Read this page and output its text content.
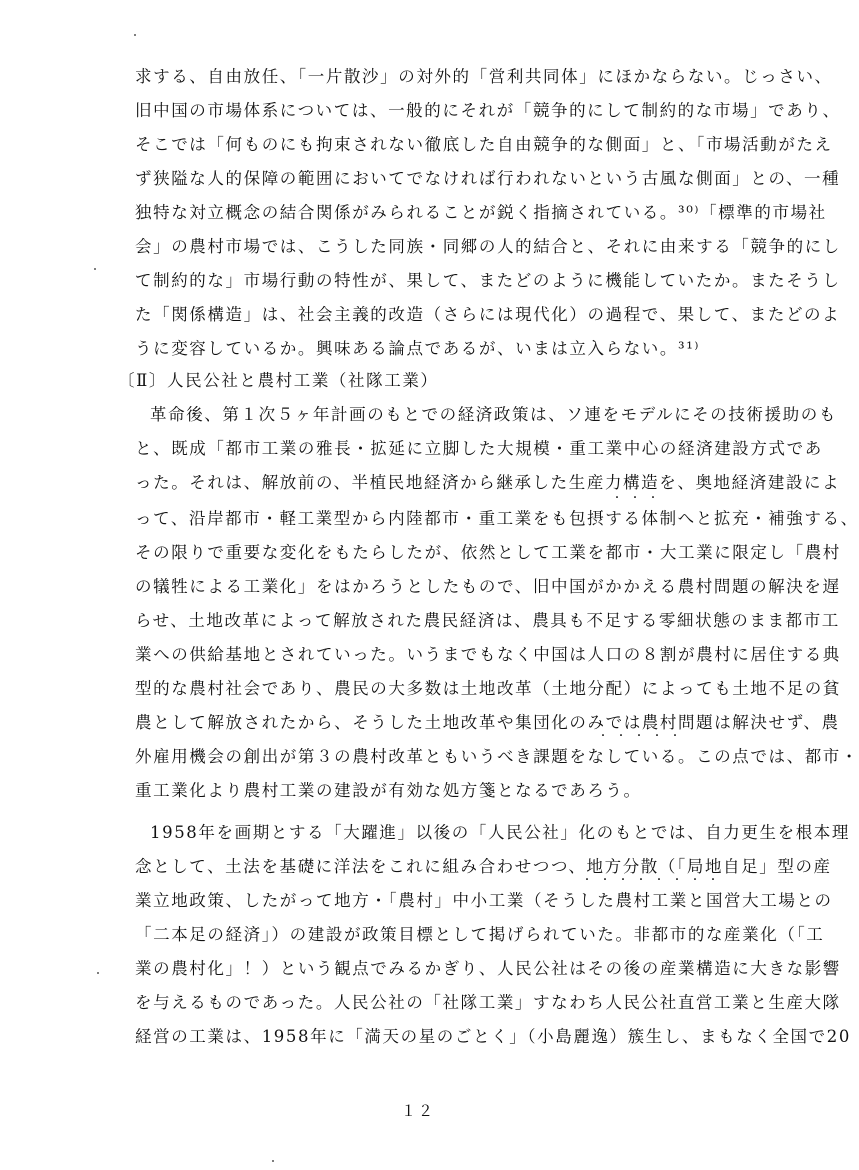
求する、自由放任、「一片散沙」の対外的「営利共同体」にほかならない。じっさい、
旧中国の市場体系については、一般的にそれが「競争的にして制約的な市場」であり、
そこでは「何ものにも拘束されない徹底した自由競争的な側面」と、「市場活動がたえ
ず狭隘な人的保障の範囲においてでなければ行われないという古風な側面」との、一種
独特な対立概念の結合関係がみられることが鋭く指摘されている。³⁰⁾「標準的市場社
会」の農村市場では、こうした同族・同郷の人的結合と、それに由来する「競争的にし
て制約的な」市場行動の特性が、果して、またどのように機能していたか。またそうし
た「関係構造」は、社会主義的改造（さらには現代化）の過程で、果して、またどのよ
うに変容しているか。興味ある論点であるが、いまは立入らない。³¹⁾
〔Ⅱ〕人民公社と農村工業（社隊工業）
革命後、第１次５ヶ年計画のもとでの経済政策は、ソ連をモデルにその技術援助のも
と、既成「都市工業の雅長・拡延に立脚した大規模・重工業中心の経済建設方式であ
った。それは、解放前の、半植民地経済から継承した生産力構造を、奥地経済建設によ
・・・
って、沿岸都市・軽工業型から内陸都市・重工業をも包摂する体制へと拡充・補強する、
その限りで重要な変化をもたらしたが、依然として工業を都市・大工業に限定し「農村
の犠牲による工業化」をはかろうとしたもので、旧中国がかかえる農村問題の解決を遅
らせ、土地改革によって解放された農民経済は、農具も不足する零細状態のまま都市工
業への供給基地とされていった。いうまでもなく中国は人口の８割が農村に居住する典
型的な農村社会であり、農民の大多数は土地改革（土地分配）によっても土地不足の貧
農として解放されたから、そうした土地改革や集団化のみでは農村問題は解決せず、農
・・・・・
外雇用機会の創出が第３の農村改革ともいうべき課題をなしている。この点では、都市・
重工業化より農村工業の建設が有効な処方箋となるであろう。
1958年を画期とする「大躍進」以後の「人民公社」化のもとでは、自力更生を根本理
念として、土法を基礎に洋法をこれに組み合わせつつ、地方分散（「局地自足」型の産
・・・・・・・・
業立地政策、したがって地方・「農村」中小工業（そうした農村工業と国営大工場との
「二本足の経済」）の建設が政策目標として掲げられていた。非都市的な産業化（「工
業の農村化」！）という観点でみるかぎり、人民公社はその後の産業構造に大きな影響
を与えるものであった。人民公社の「社隊工業」すなわち人民公社直営工業と生産大隊
経営の工業は、1958年に「満天の星のごとく」（小島麗逸）簇生し、まもなく全国で20
１２
